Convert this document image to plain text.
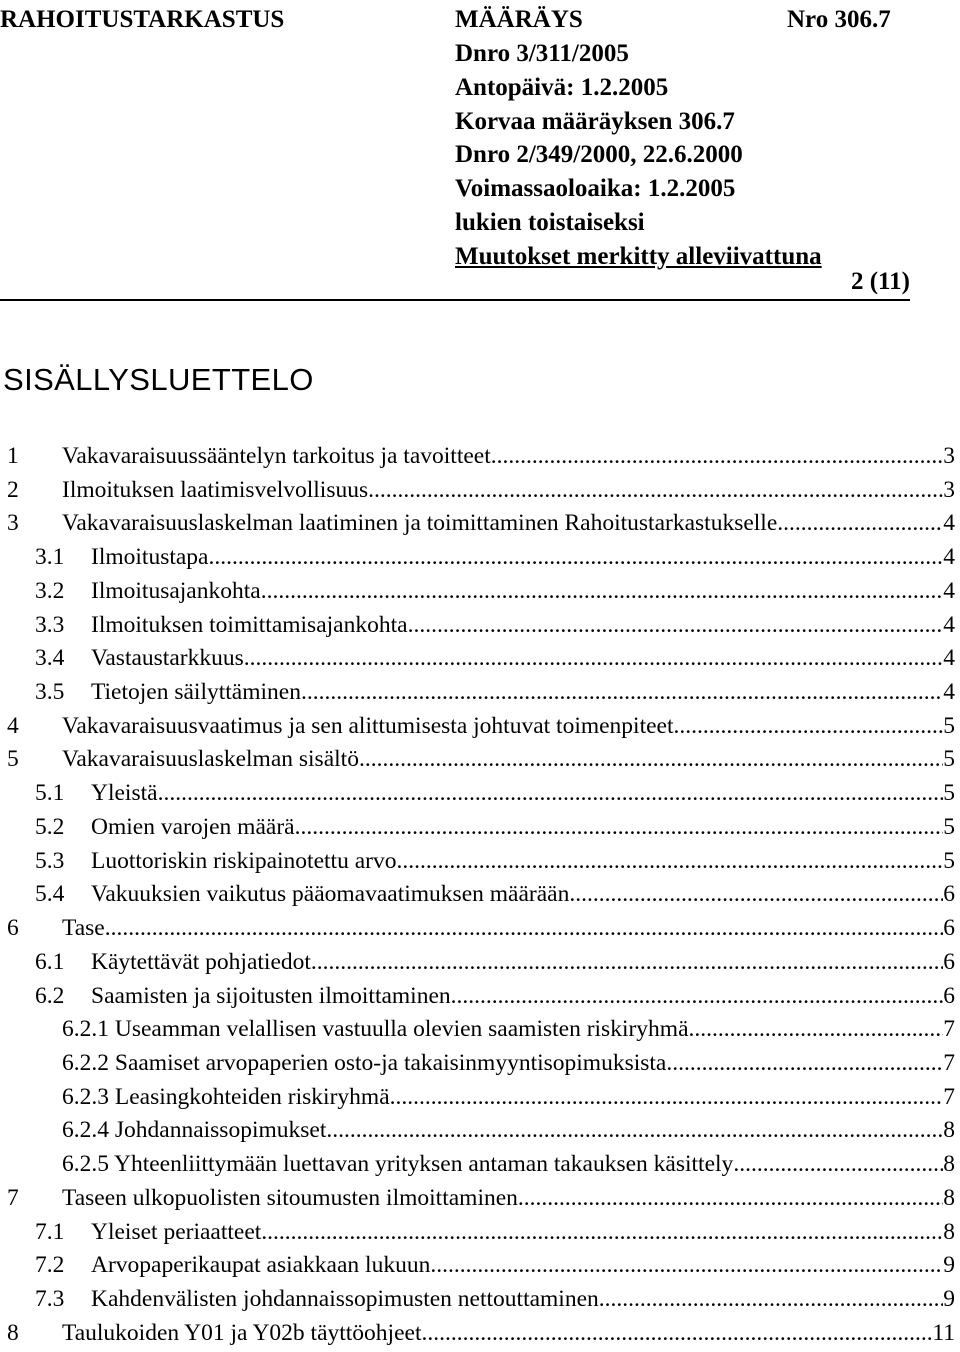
RAHOITUSTARKASTUS	MÄÄRÄYS	Nro 306.7
Dnro 3/311/2005
Antopäivä: 1.2.2005
Korvaa määräyksen 306.7
Dnro 2/349/2000, 22.6.2000
Voimassaoloaika: 1.2.2005
lukien toistaiseksi
Muutokset merkitty alleviivattuna
2 (11)
SISÄLLYSLUETTELO
1 Vakavaraisuussääntelyn tarkoitus ja tavoitteet .....	3
2 Ilmoituksen laatimisvelvollisuus .....	3
3 Vakavaraisuuslaskelman laatiminen ja toimittaminen Rahoitustarkastukselle. .....	4
3.1 Ilmoitustapa .....	4
3.2 Ilmoitusajankohta .....	4
3.3 Ilmoituksen toimittamisajankohta .....	4
3.4 Vastaustarkkuus .....	4
3.5 Tietojen säilyttäminen .....	4
4 Vakavaraisuusvaatimus ja sen alittumisesta johtuvat toimenpiteet .....	5
5 Vakavaraisuuslaskelman sisältö .....	5
5.1 Yleistä .....	5
5.2 Omien varojen määrä .....	5
5.3 Luottoriskin riskipainotettu arvo .....	5
5.4 Vakuuksien vaikutus pääomavaatimuksen määrään .....	6
6 Tase .....	6
6.1 Käytettävät pohjatiedot .....	6
6.2 Saamisten ja sijoitusten ilmoittaminen .....	6
6.2.1 Useamman velallisen vastuulla olevien saamisten riskiryhmä .....	7
6.2.2 Saamiset arvopaperien osto-ja takaisinmyyntisopimuksista .....	7
6.2.3 Leasingkohteiden riskiryhmä .....	7
6.2.4 Johdannaissopimukset .....	8
6.2.5 Yhteenliittymään luettavan yrityksen antaman takauksen käsittely .....	8
7 Taseen ulkopuolisten sitoumusten ilmoittaminen .....	8
7.1 Yleiset periaatteet .....	8
7.2 Arvopaperikaupat asiakkaan lukuun .....	9
7.3 Kahdenvälisten johdannaissopimusten nettouttaminen .....	9
8 Taulukoiden Y01 ja Y02b täyttöohjeet .....	11
